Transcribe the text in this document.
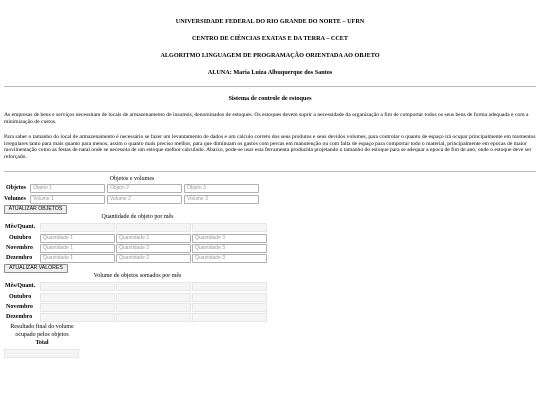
UNIVERSIDADE FEDERAL DO RIO GRANDE DO NORTE – UFRN
CENTRO DE CIÊNCIAS EXATAS E DA TERRA – CCET
ALGORITMO LINGUAGEM DE PROGRAMAÇÃO ORIENTADA AO OBJETO
ALUNA: Maria Luiza Albuquerque dos Santos
Sistema de controle de estoques

As empresas de bens e serviços necessitam de locais de armazenamento de insumos, denominados de estoques. Os estoques devem suprir a necessidade da organização a fim de comportar todos os seus bens de forma adequada e com a minimização de custos.

Para saber o tamanho do local de armazenamento é necessário se fazer um levantamento de dados e um calculo correto dos seus produtos e seus devidos volumes, para controlar o quanto de espaço irá ocupar principalmente em momentos irregulares tanto para mais quanto para menos, assim o quanto mais preciso melhor, para que diminuam os gastos com percas em manutenção ou com falta de espaço para comportar todo o material, principalmente em epocas de maior movimentação como as festas de natal onde se necessita de um estoque melhor calculado. Abaixo, pode-se usar esta ferramenta produzida projetando o tamanho do estoque para se adequar a epoca de fim de ano, onde o estoque deve ser reforçado.

Objetos e volumes
Objetos	Objeto 1	Objeto 2	Objeto 3
Volumes	Volume 1	Volume 2	Volume 3
ATUALIZAR OBJETOS
Quantidade de objeto por mês
Mês/Quant.
Outubro	Quantidade 1	Quantidade 2	Quantidade 3
Novembro	Quantidade 1	Quantidade 2	Quantidade 3
Dezembro	Quantidade 1	Quantidade 2	Quantidade 3
ATUALIZAR VALORES
Volume de objetos somados por mês
Mês/Quant.
Outubro
Novembro
Dezembro
Resultado final do volume
ocupado pelos objetos
Total
